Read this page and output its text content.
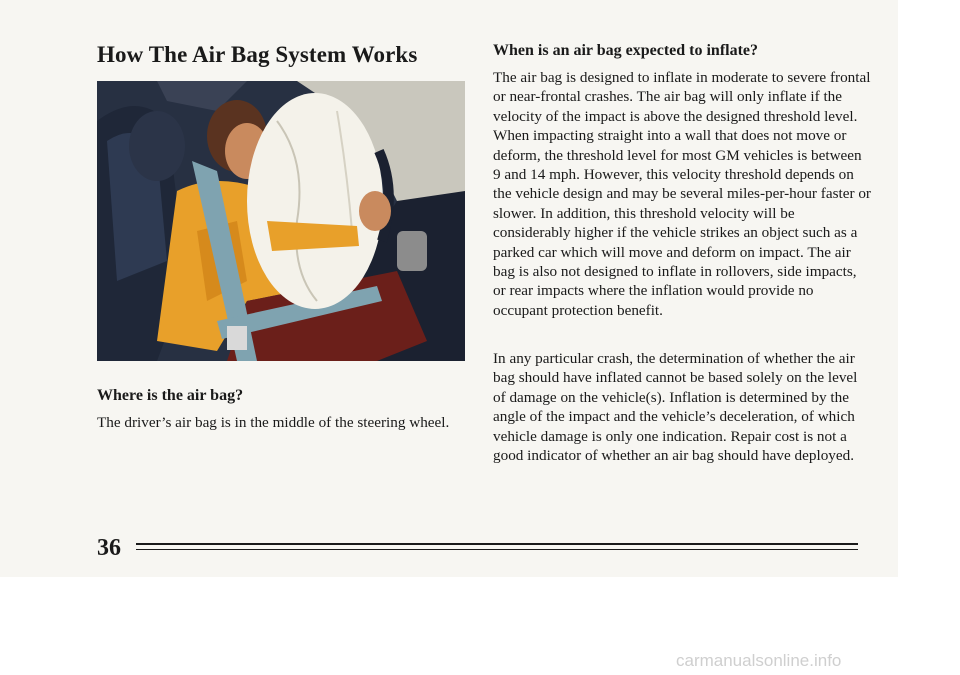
How The Air Bag System Works
Where is the air bag?

The driver’s air bag is in the middle of the steering wheel.

When is an air bag expected to inflate?

The air bag is designed to inflate in moderate to severe frontal or near-frontal crashes. The air bag will only inflate if the velocity of the impact is above the designed threshold level. When impacting straight into a wall that does not move or deform, the threshold level for most GM vehicles is between 9 and 14 mph. However, this velocity threshold depends on the vehicle design and may be several miles-per-hour faster or slower. In addition, this threshold velocity will be considerably higher if the vehicle strikes an object such as a parked car which will move and deform on impact. The air bag is also not designed to inflate in rollovers, side impacts, or rear impacts where the inflation would provide no occupant protection benefit.

In any particular crash, the determination of whether the air bag should have inflated cannot be based solely on the level of damage on the vehicle(s). Inflation is determined by the angle of the impact and the vehicle’s deceleration, of which vehicle damage is only one indication. Repair cost is not a good indicator of whether an air bag should have deployed.

36
carmanualsonline.info
